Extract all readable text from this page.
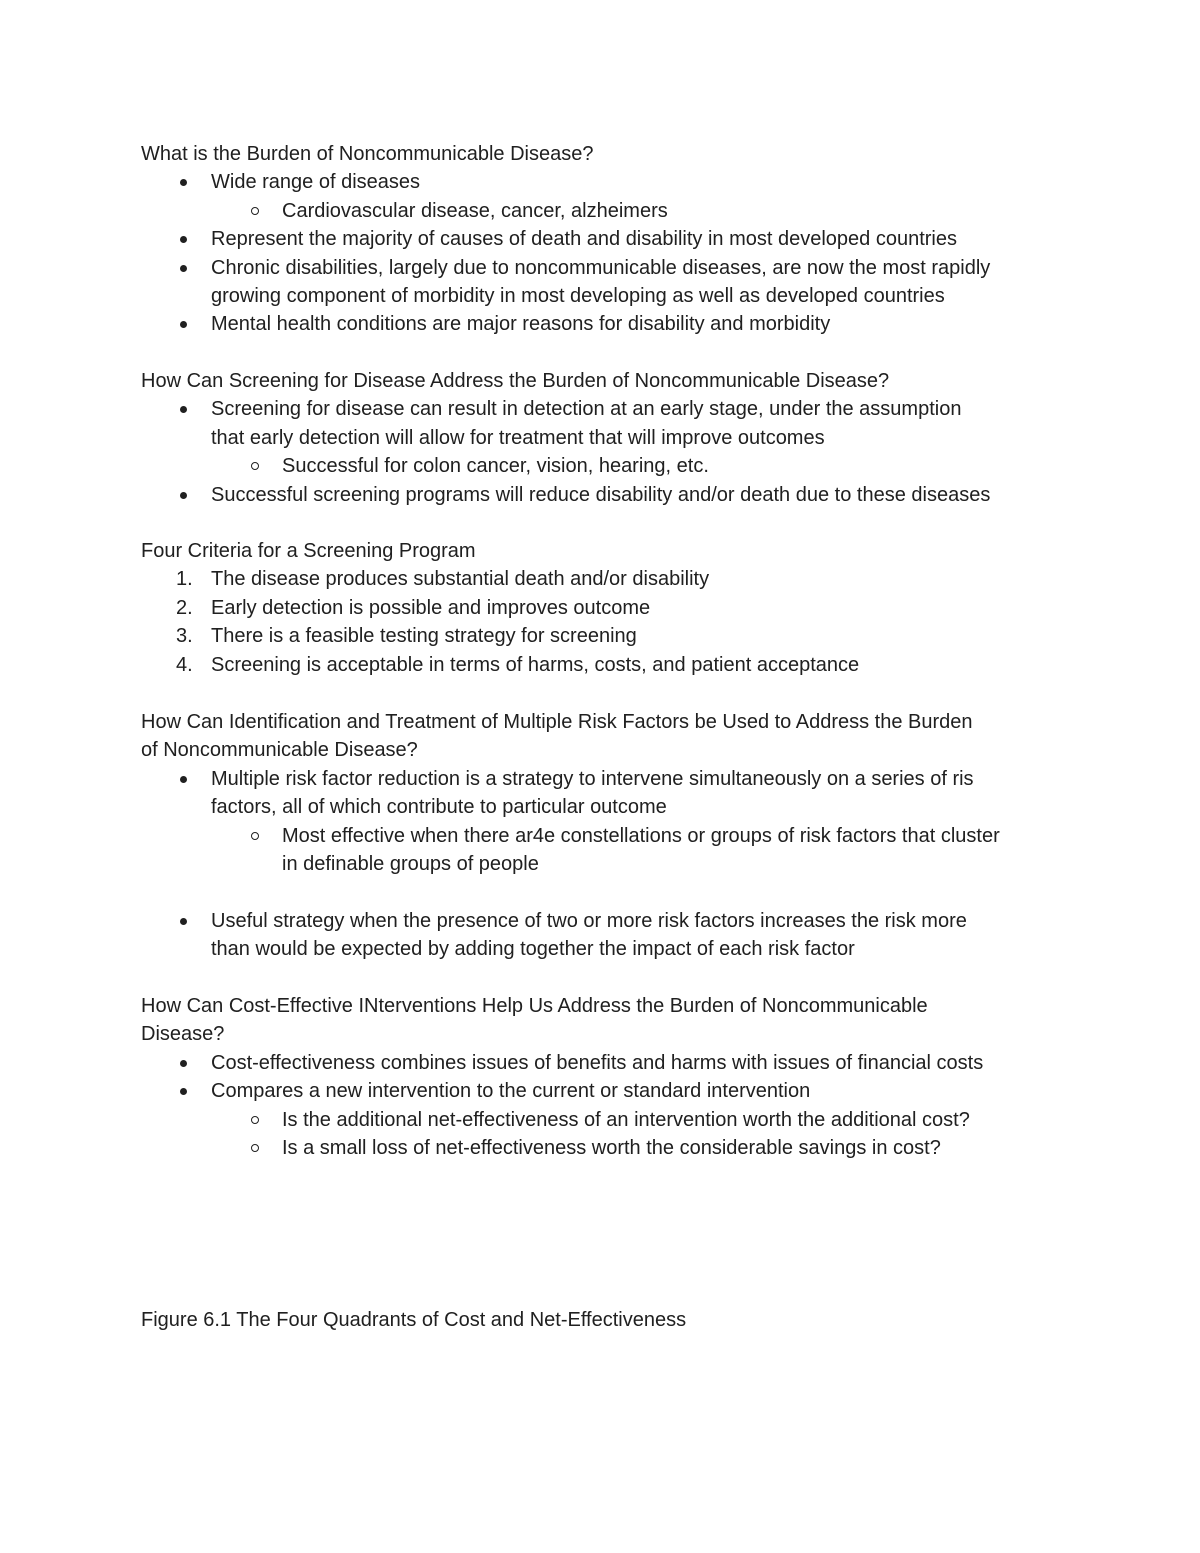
What is the Burden of Noncommunicable Disease?

Wide range of diseases
Cardiovascular disease, cancer, alzheimers
Represent the majority of causes of death and disability in most developed countries
Chronic disabilities, largely due to noncommunicable diseases, are now the most rapidly
growing component of morbidity in most developing as well as developed countries
Mental health conditions are major reasons for disability and morbidity

How Can Screening for Disease Address the Burden of Noncommunicable Disease?

Screening for disease can result in detection at an early stage, under the assumption
that early detection will allow for treatment that will improve outcomes
Successful for colon cancer, vision, hearing, etc.
Successful screening programs will reduce disability and/or death due to these diseases

Four Criteria for a Screening Program

1. The disease produces substantial death and/or disability
2. Early detection is possible and improves outcome
3. There is a feasible testing strategy for screening
4. Screening is acceptable in terms of harms, costs, and patient acceptance

How Can Identification and Treatment of Multiple Risk Factors be Used to Address the Burden

of Noncommunicable Disease?

Multiple risk factor reduction is a strategy to intervene simultaneously on a series of ris
factors, all of which contribute to particular outcome
Most effective when there ar4e constellations or groups of risk factors that cluster
in definable groups of people
Useful strategy when the presence of two or more risk factors increases the risk more
than would be expected by adding together the impact of each risk factor

How Can Cost-Effective INterventions Help Us Address the Burden of Noncommunicable

Disease?

Cost-effectiveness combines issues of benefits and harms with issues of financial costs
Compares a new intervention to the current or standard intervention
Is the additional net-effectiveness of an intervention worth the additional cost?
Is a small loss of net-effectiveness worth the considerable savings in cost?

Figure 6.1 The Four Quadrants of Cost and Net-Effectiveness
